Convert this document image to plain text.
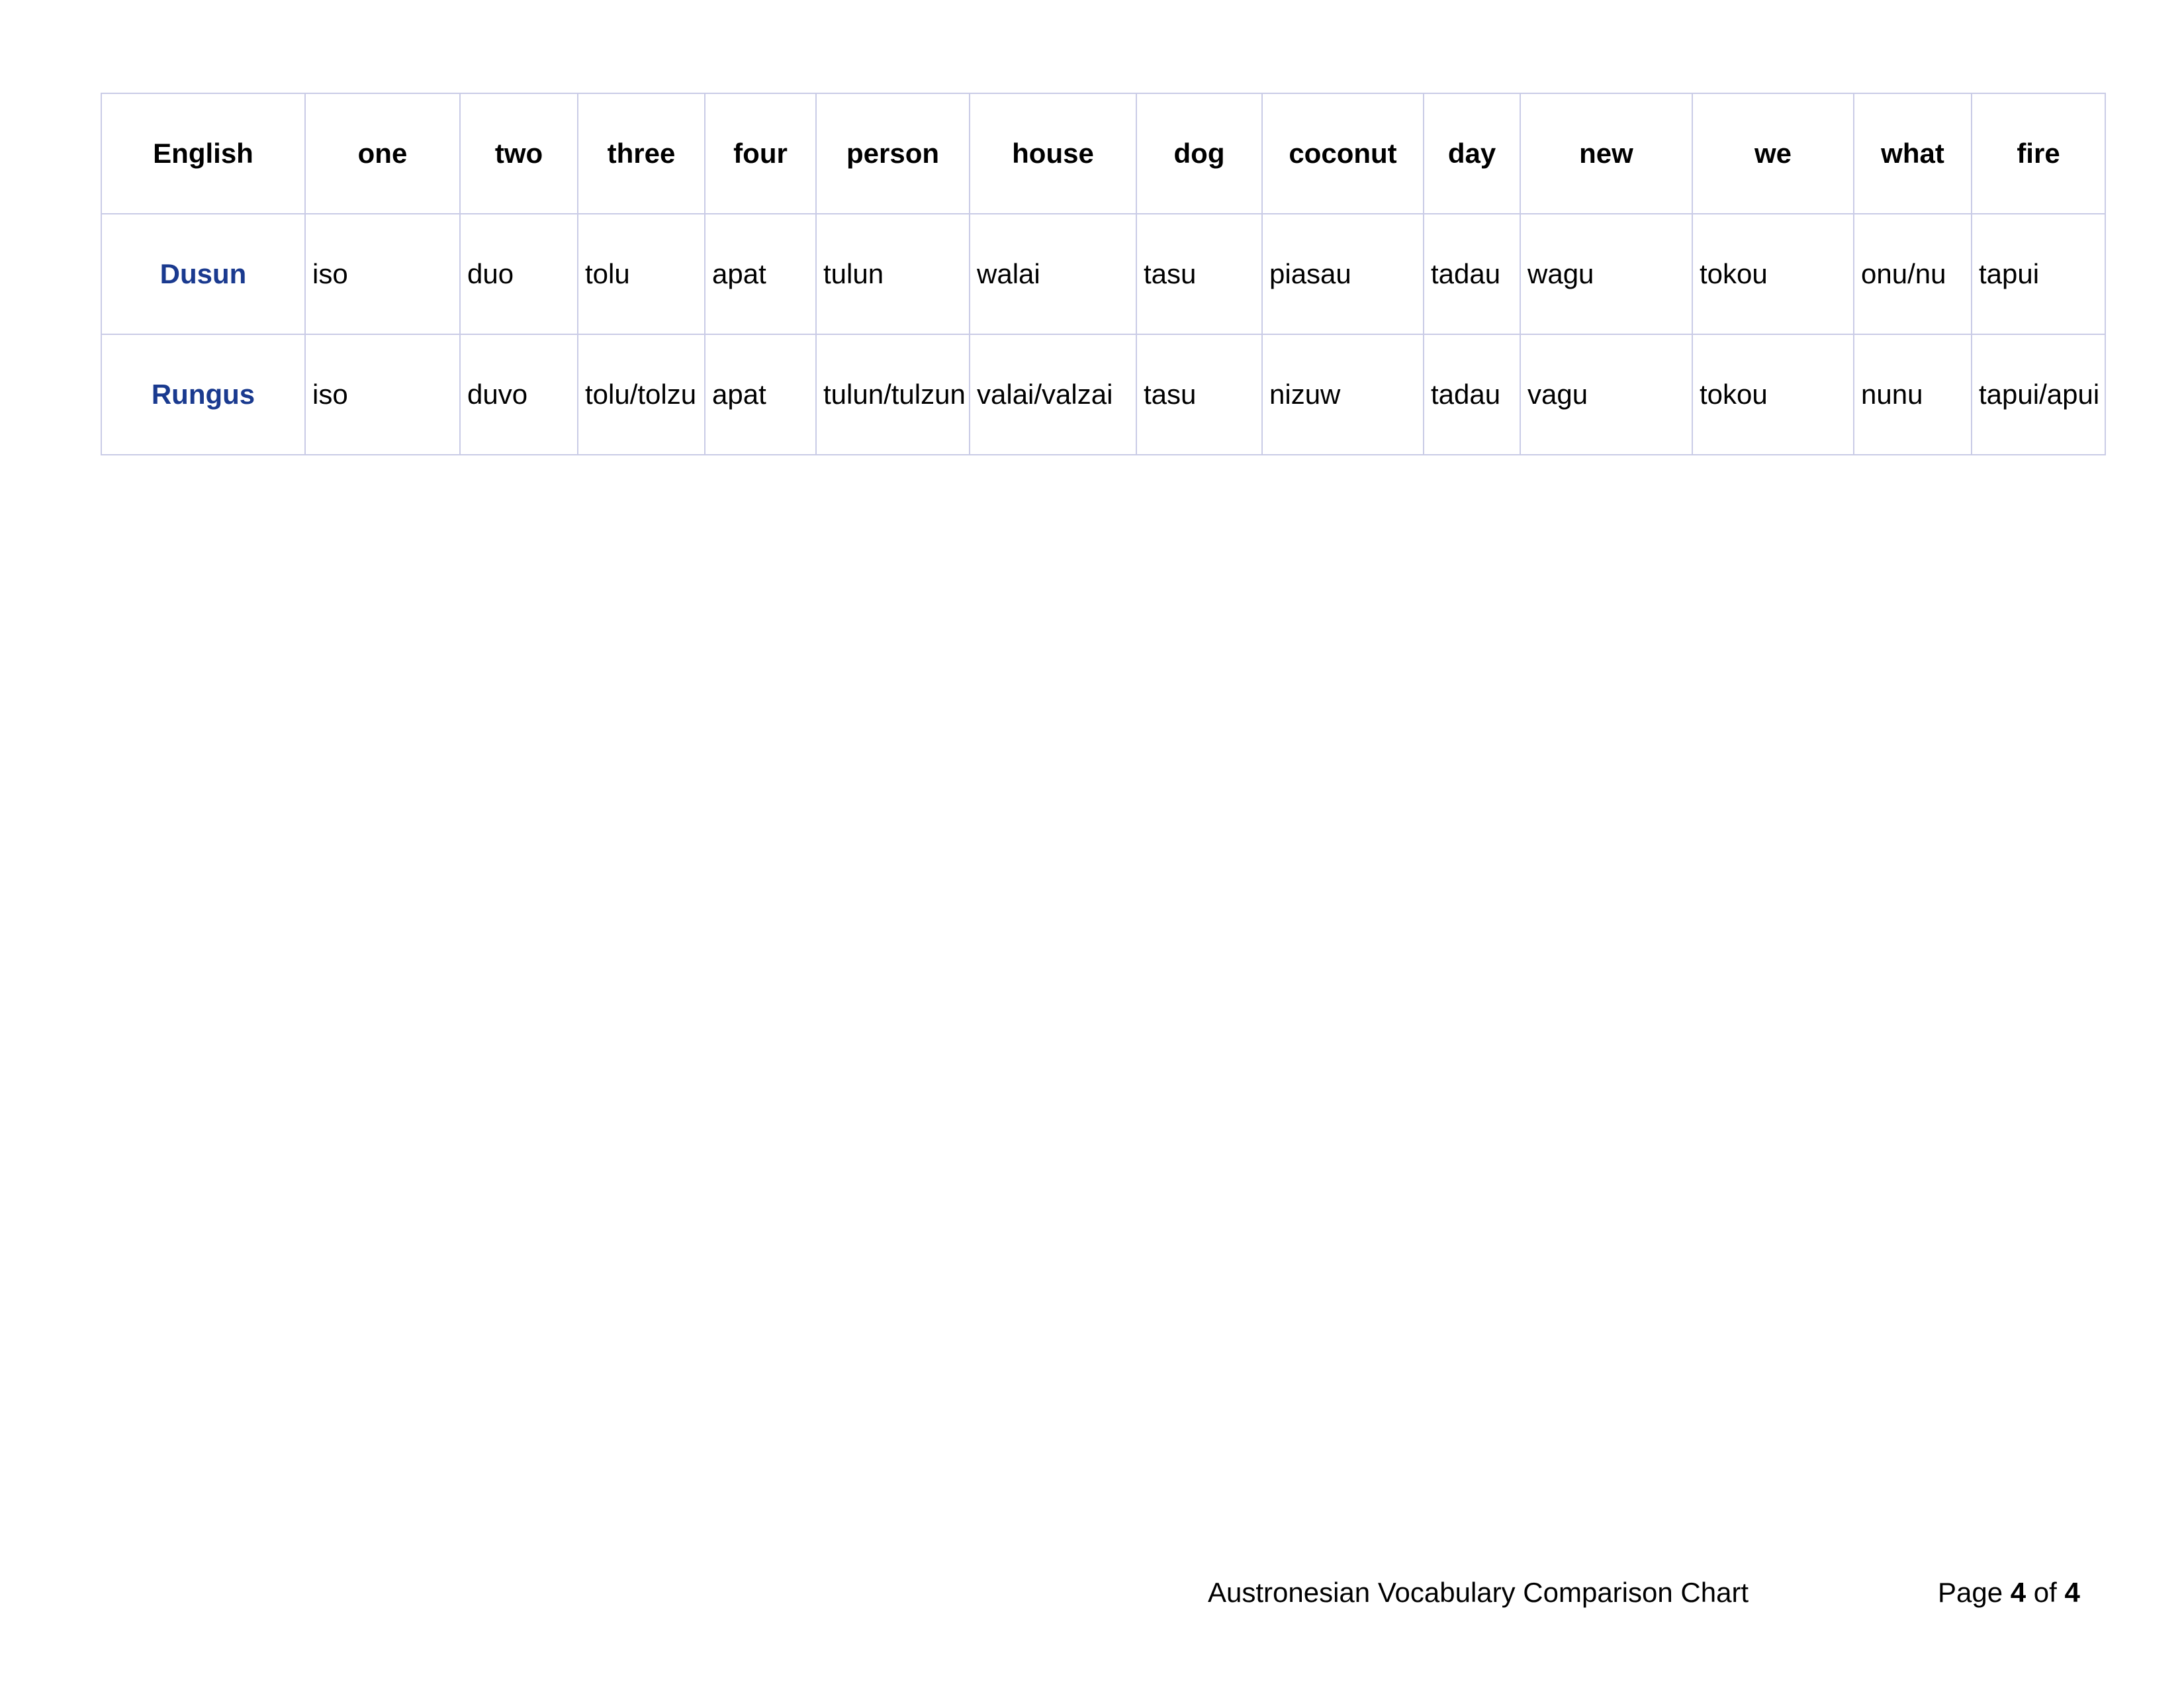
English	one	two	three	four	person	house	dog	coconut	day	new	we	what	fire
Dusun	iso	duo	tolu	apat	tulun	walai	tasu	piasau	tadau	wagu	tokou	onu/nu	tapui
Rungus	iso	duvo	tolu/tolzu	apat	tulun/tulzun	valai/valzai	tasu	nizuw	tadau	vagu	tokou	nunu	tapui/apui
Austronesian Vocabulary Comparison Chart	Page 4 of 4
